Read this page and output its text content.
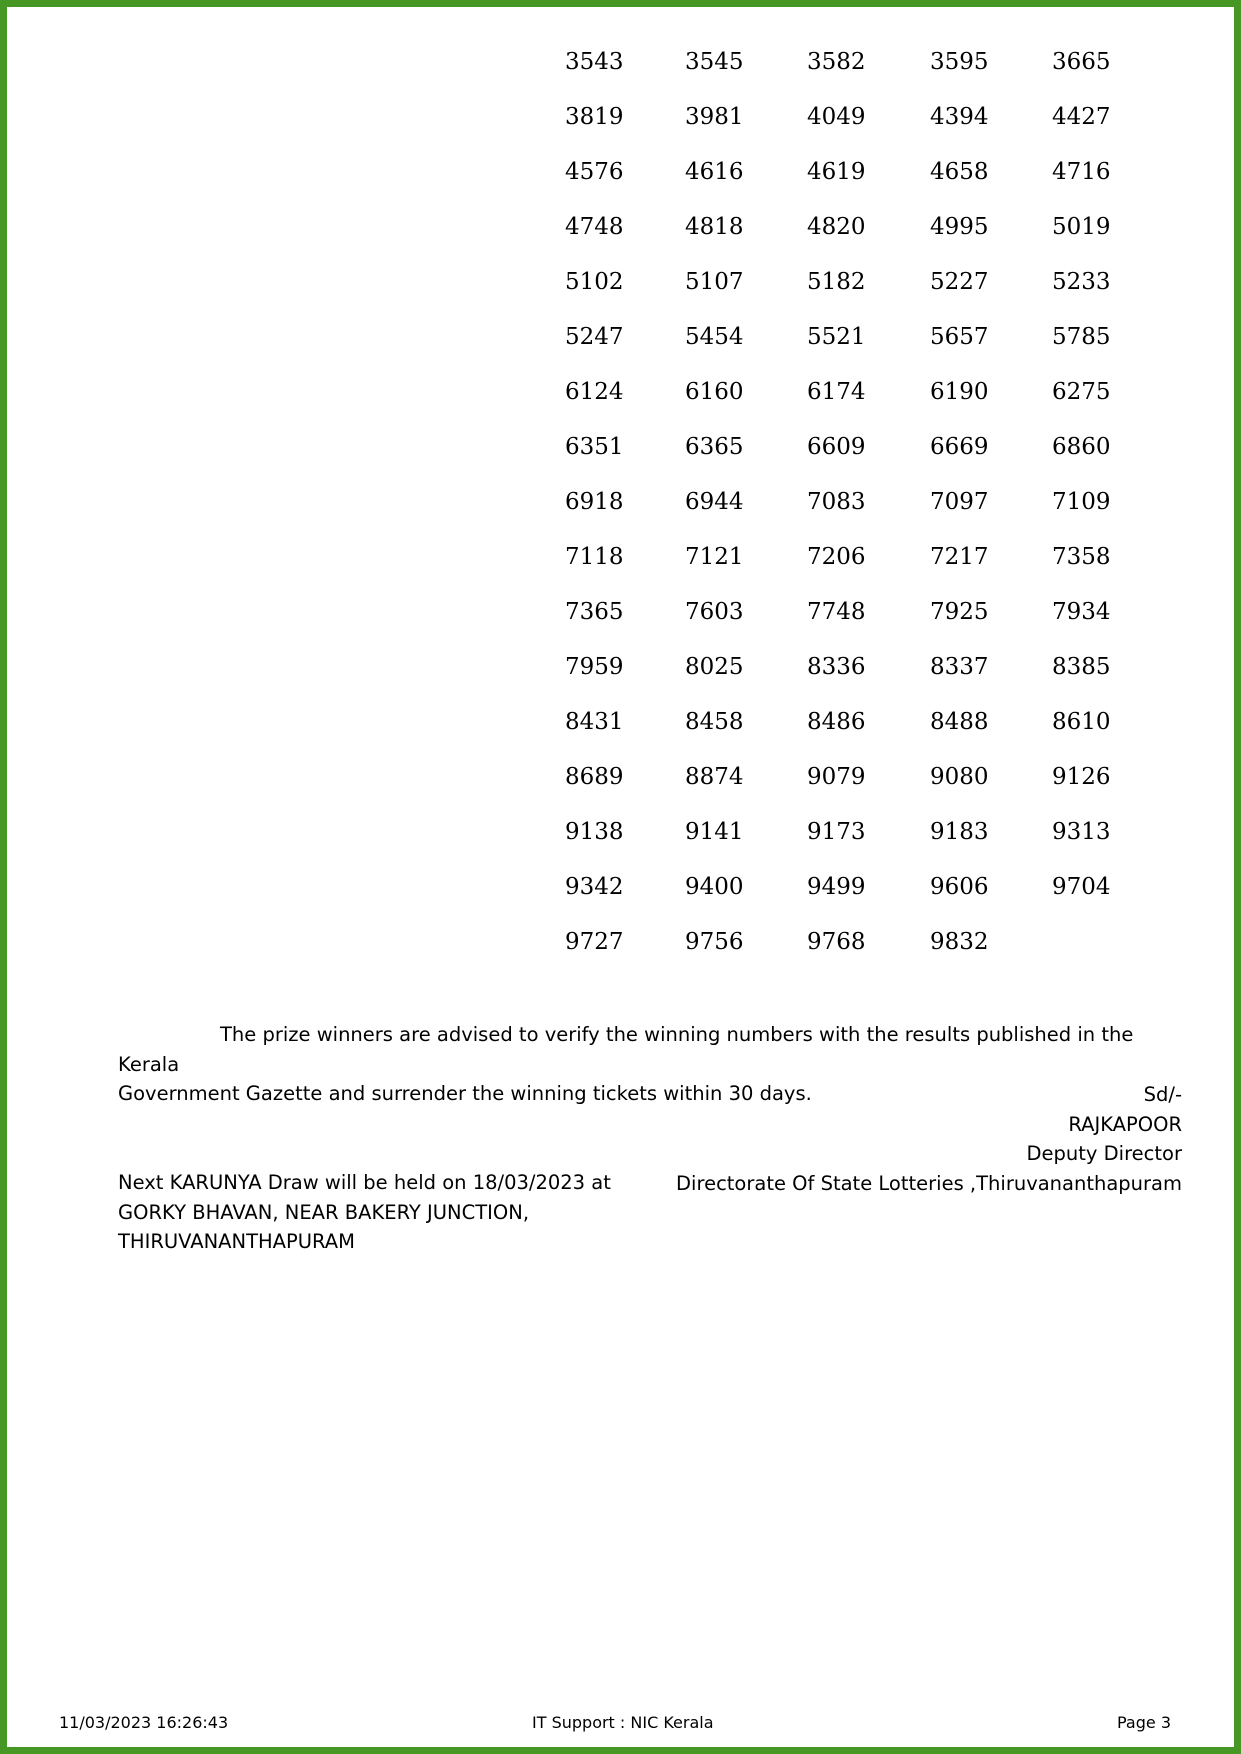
3543	3545	3582	3595	3665
3819	3981	4049	4394	4427
4576	4616	4619	4658	4716
4748	4818	4820	4995	5019
5102	5107	5182	5227	5233
5247	5454	5521	5657	5785
6124	6160	6174	6190	6275
6351	6365	6609	6669	6860
6918	6944	7083	7097	7109
7118	7121	7206	7217	7358
7365	7603	7748	7925	7934
7959	8025	8336	8337	8385
8431	8458	8486	8488	8610
8689	8874	9079	9080	9126
9138	9141	9173	9183	9313
9342	9400	9499	9606	9704
9727	9756	9768	9832
The prize winners are advised to verify the winning numbers with the results published in the Kerala
Government Gazette and surrender the winning tickets within 30 days.	Sd/-
RAJKAPOOR
Deputy Director
Directorate Of State Lotteries ,Thiruvananthapuram
Next KARUNYA Draw will be held on 18/03/2023 at
GORKY BHAVAN, NEAR BAKERY JUNCTION,
THIRUVANANTHAPURAM
11/03/2023 16:26:43	IT Support : NIC Kerala	Page 3
